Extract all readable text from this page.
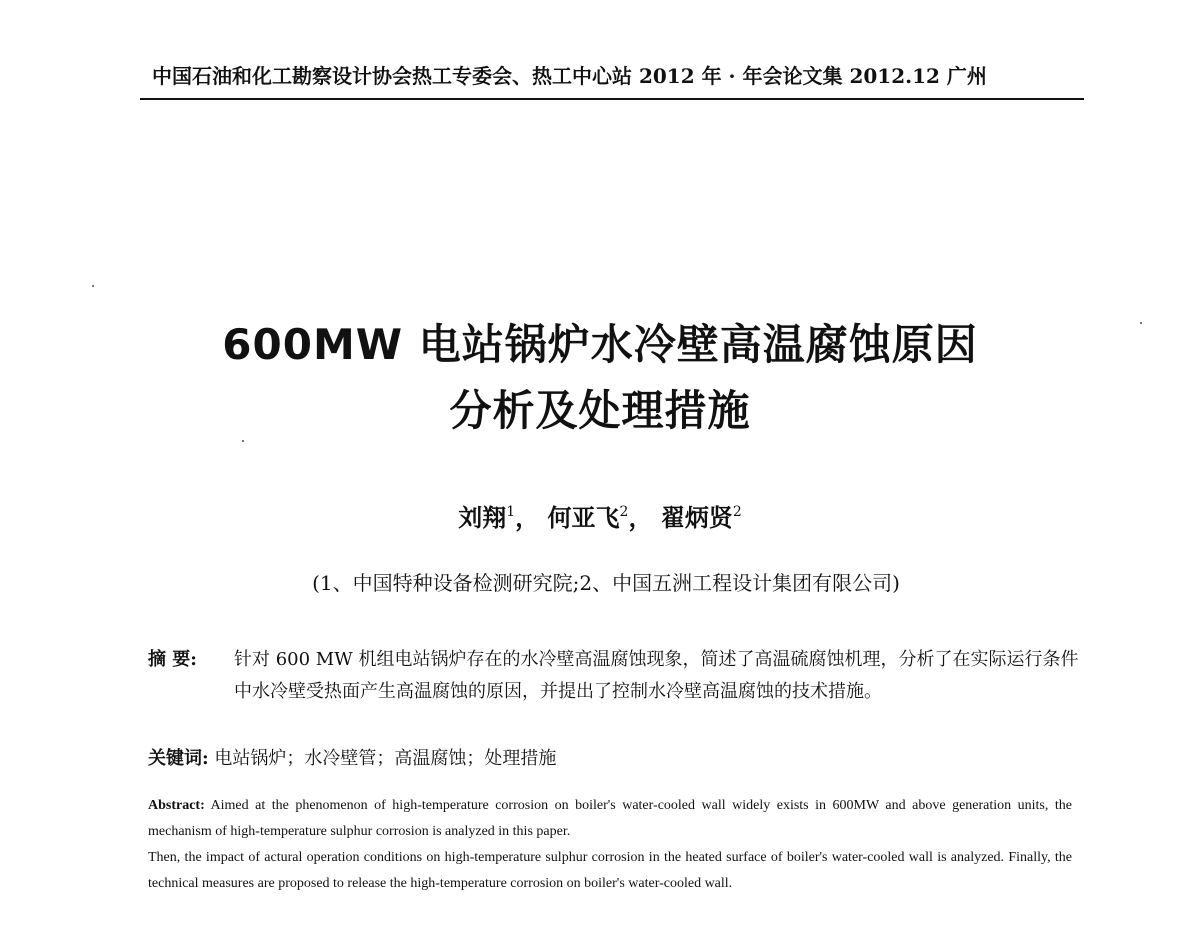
中国石油和化工勘察设计协会热工专委会、热工中心站 2012 年 · 年会论文集 2012.12 广州
600MW 电站锅炉水冷壁高温腐蚀原因
分析及处理措施
刘翔$^1$， 何亚飞$^2$， 翟炳贤$^2$
(1、中国特种设备检测研究院;2、中国五洲工程设计集团有限公司)
摘 要:	针对 600 MW 机组电站锅炉存在的水冷壁高温腐蚀现象，简述了高温硫腐蚀机理，分析了在实际运行条件中水冷壁受热面产生高温腐蚀的原因，并提出了控制水冷壁高温腐蚀的技术措施。
关键词: 电站锅炉；水冷壁管；高温腐蚀；处理措施

Abstract: Aimed at the phenomenon of high-temperature corrosion on boiler's water-cooled wall widely exists in 600MW and above generation units, the mechanism of high-temperature sulphur corrosion is analyzed in this paper.

Then, the impact of actural operation conditions on high-temperature sulphur corrosion in the heated surface of boiler's water-cooled wall is analyzed. Finally, the technical measures are proposed to release the high-temperature corrosion on boiler's water-cooled wall.
